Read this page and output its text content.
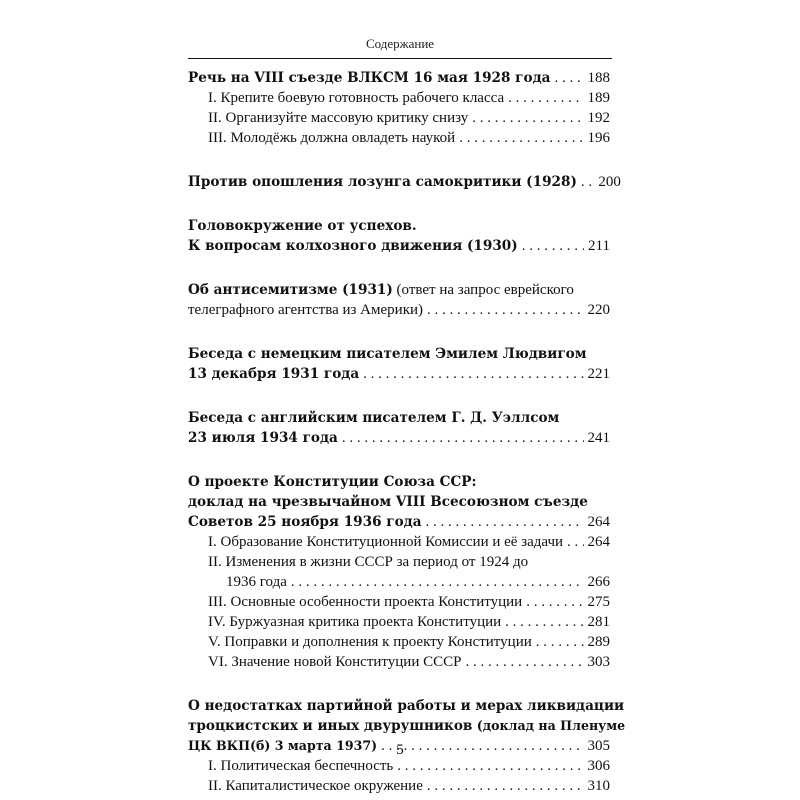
Содержание
Речь на VIII съезде ВЛКСМ 16 мая 1928 года . . . 188
I. Крепите боевую готовность рабочего класса . . .	189
II. Организуйте массовую критику снизу . . .	192
III. Молодёжь должна овладеть наукой . . .	196
Против опошления лозунга самокритики (1928) . . . 200
Головокружение от успехов.
К вопросам колхозного движения (1930) . . .	211
Об антисемитизме (1931) (ответ на запрос еврейского
телеграфного агентства из Америки) . . .	220
Беседа с немецким писателем Эмилем Людвигом
13 декабря 1931 года . . .	221
Беседа с английским писателем Г. Д. Уэллсом
23 июля 1934 года . . .	241
О проекте Конституции Союза ССР:
доклад на чрезвычайном VIII Всесоюзном съезде
Советов 25 ноября 1936 года . . .	264
I. Образование Конституционной Комиссии и её задачи . . . 264
II. Изменения в жизни СССР за период от 1924 до
1936 года . . .	266
III. Основные особенности проекта Конституции . . .	275
IV. Буржуазная критика проекта Конституции . . .	281
V. Поправки и дополнения к проекту Конституции . . .	289
VI. Значение новой Конституции СССР . . .	303
О недостатках партийной работы и мерах ликвидации
троцкистских и иных двурушников (доклад на Пленуме
ЦК ВКП(б) 3 марта 1937) . . .	305
I. Политическая беспечность . . .	306
II. Капиталистическое окружение . . .	310
5
